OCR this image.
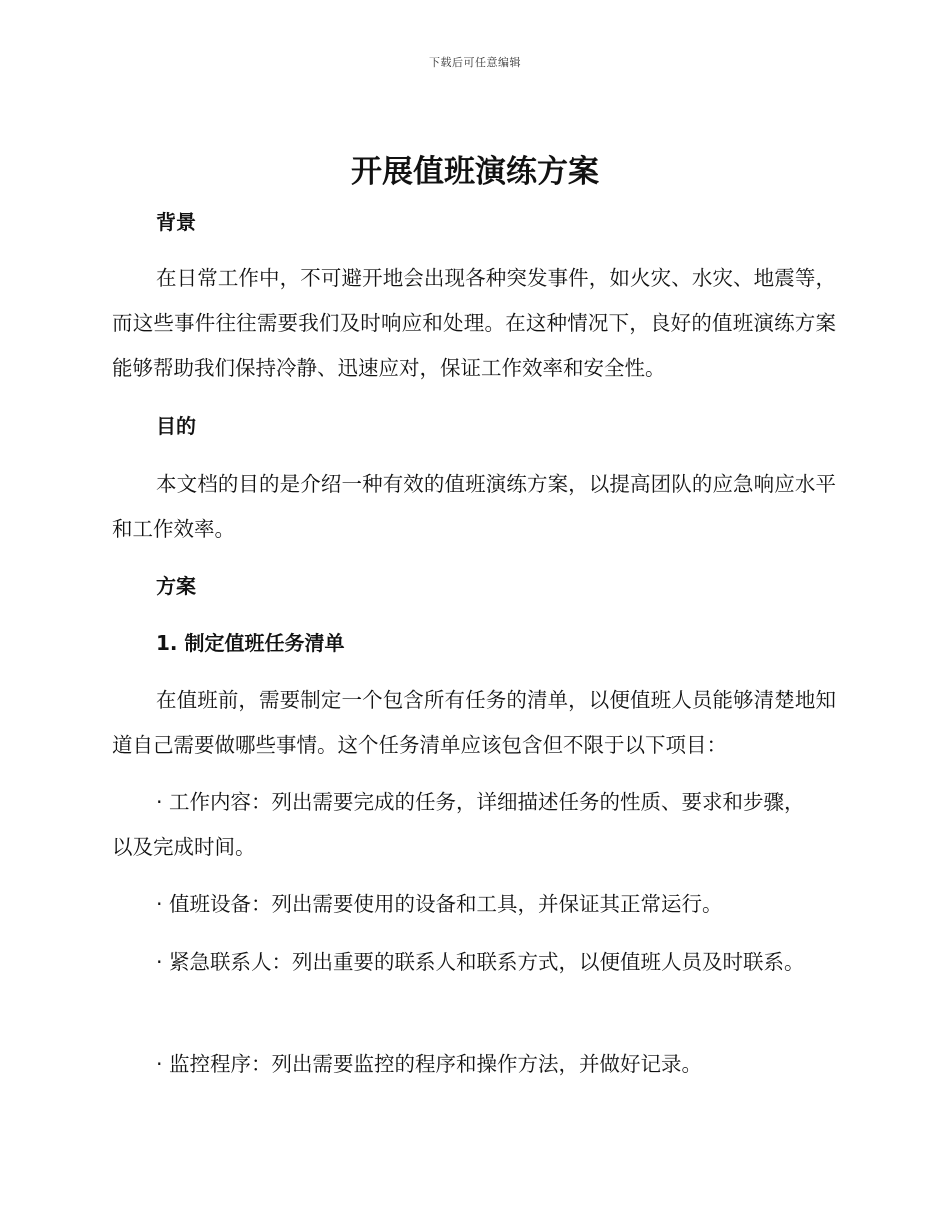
下载后可任意编辑
开展值班演练方案
背景
在日常工作中，不可避开地会出现各种突发事件，如火灾、水灾、地震等，而这些事件往往需要我们及时响应和处理。在这种情况下，良好的值班演练方案能够帮助我们保持冷静、迅速应对，保证工作效率和安全性。
目的
本文档的目的是介绍一种有效的值班演练方案，以提高团队的应急响应水平和工作效率。
方案
1. 制定值班任务清单
在值班前，需要制定一个包含所有任务的清单，以便值班人员能够清楚地知道自己需要做哪些事情。这个任务清单应该包含但不限于以下项目：
· 工作内容：列出需要完成的任务，详细描述任务的性质、要求和步骤，以及完成时间。
· 值班设备：列出需要使用的设备和工具，并保证其正常运行。
· 紧急联系人：列出重要的联系人和联系方式，以便值班人员及时联系。
· 监控程序：列出需要监控的程序和操作方法，并做好记录。
